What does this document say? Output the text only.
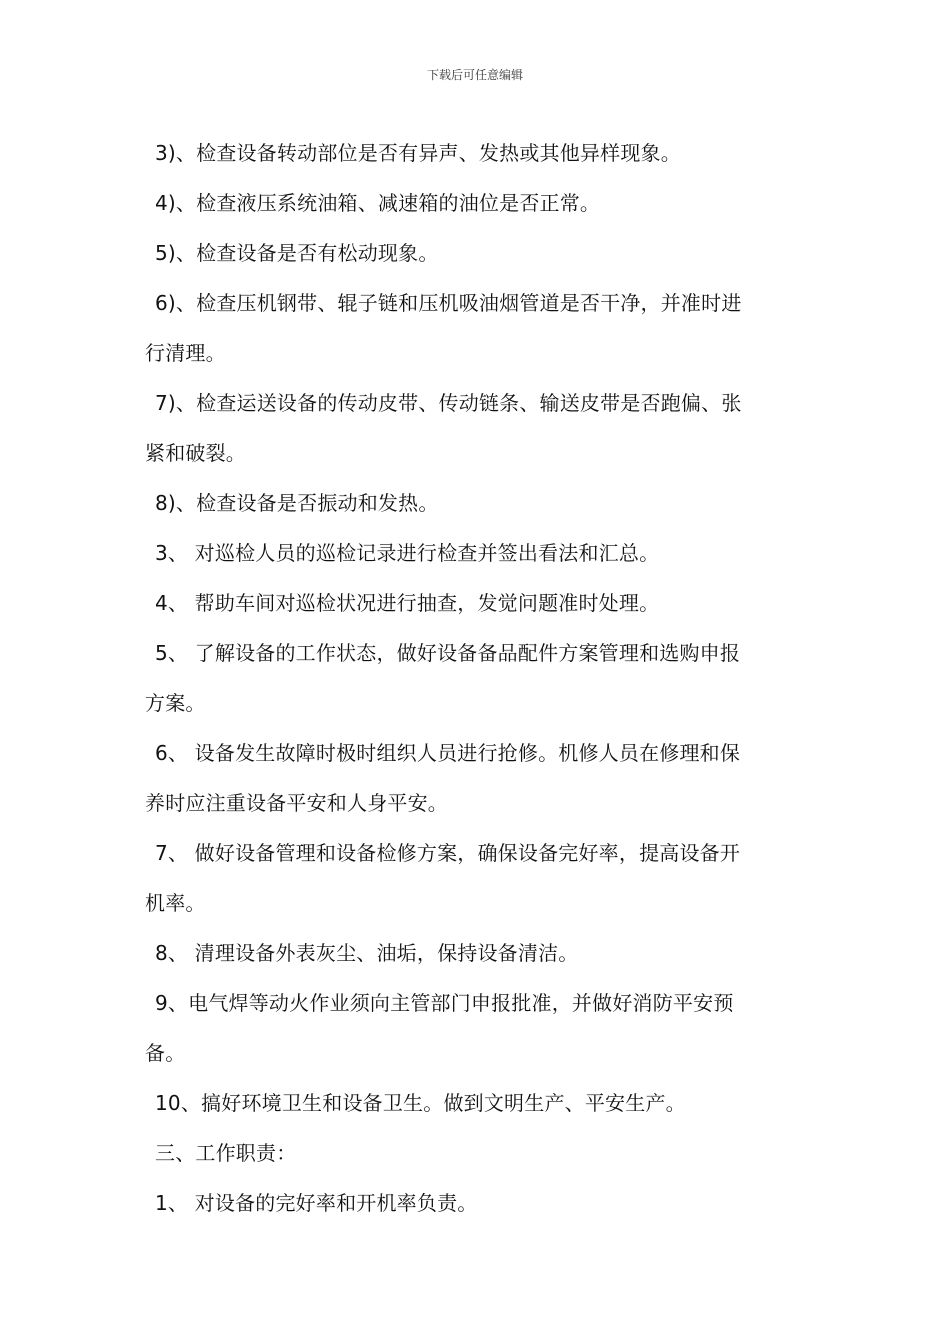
下载后可任意编辑
3)、检查设备转动部位是否有异声、发热或其他异样现象。
4)、检查液压系统油箱、减速箱的油位是否正常。
5)、检查设备是否有松动现象。
6)、检查压机钢带、辊子链和压机吸油烟管道是否干净，并准时进
行清理。
7)、检查运送设备的传动皮带、传动链条、输送皮带是否跑偏、张
紧和破裂。
8)、检查设备是否振动和发热。
3、 对巡检人员的巡检记录进行检查并签出看法和汇总。
4、 帮助车间对巡检状况进行抽查，发觉问题准时处理。
5、 了解设备的工作状态，做好设备备品配件方案管理和选购申报
方案。
6、 设备发生故障时极时组织人员进行抢修。机修人员在修理和保
养时应注重设备平安和人身平安。
7、 做好设备管理和设备检修方案，确保设备完好率，提高设备开
机率。
8、 清理设备外表灰尘、油垢，保持设备清洁。
9、电气焊等动火作业须向主管部门申报批准，并做好消防平安预
备。
10、搞好环境卫生和设备卫生。做到文明生产、平安生产。
三、工作职责：
1、 对设备的完好率和开机率负责。
